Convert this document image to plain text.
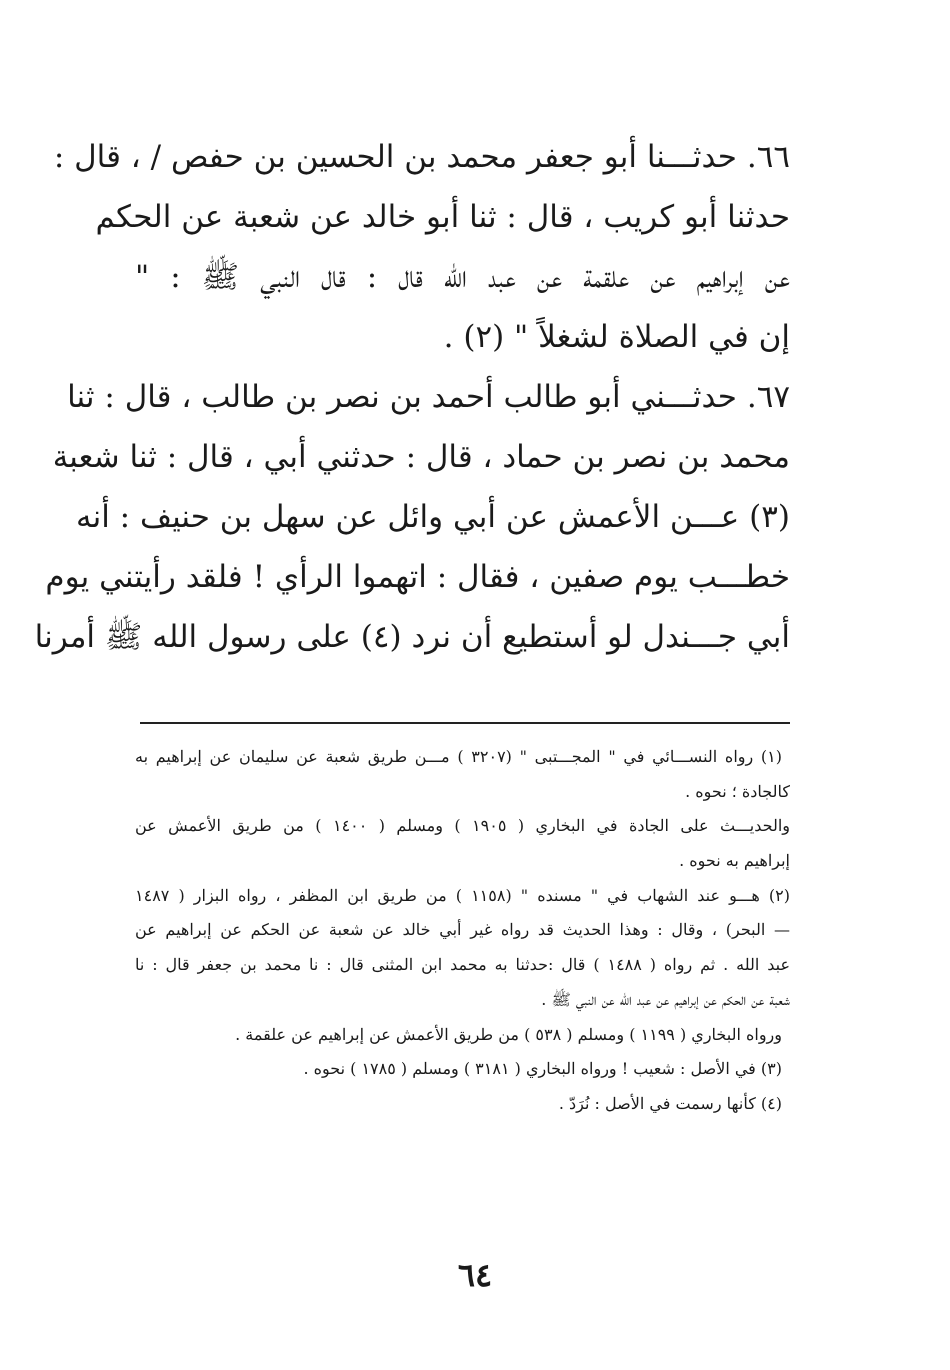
٦٦. حدثـــنا أبو جعفر محمد بن الحسين بن حفص / ، قال :
حدثنا أبو كريب ، قال : ثنا أبو خالد عن شعبة عن الحكم
عن إبراهيم عن علقمة عن عبد الله قال : قال النبي ﷺ : "
إن في الصلاة لشغلاً " (٢) .
٦٧. حدثـــني أبو طالب أحمد بن نصر بن طالب ، قال : ثنا
محمد بن نصر بن حماد ، قال : حدثني أبي ، قال : ثنا شعبة
(٣) عـــن الأعمش عن أبي وائل عن سهل بن حنيف : أنه
خطـــب يوم صفين ، فقال : اتهموا الرأي ! فلقد رأيتني يوم
أبي جـــندل لو أستطيع أن نرد (٤) على رسول الله ﷺ أمرنا
(١) رواه النســـائي في " المجـــتبى " (٣٢٠٧ ) مـــن طريق شعبة عن سليمان عن إبراهيم به
كالجادة ؛ نحوه .
والحديـــث على الجادة في البخاري ( ١٩٠٥ ) ومسلم ( ١٤٠٠ ) من طريق الأعمش عن
إبراهيم به نحوه .
(٢) هـــو عند الشهاب في " مسنده " (١١٥٨ ) من طريق ابن المظفر ، رواه البزار ( ١٤٨٧
— البحر) ، وقال : وهذا الحديث قد رواه غير أبي خالد عن شعبة عن الحكم عن إبراهيم عن
عبد الله . ثم رواه ( ١٤٨٨ ) قال :حدثنا به محمد ابن المثنى قال : نا محمد بن جعفر قال : نا
شعبة عن الحكم عن إبراهيم عن عبد الله عن النبي ﷺ .
ورواه البخاري ( ١١٩٩ ) ومسلم ( ٥٣٨ ) من طريق الأعمش عن إبراهيم عن علقمة .
(٣) في الأصل : شعيب ! ورواه البخاري ( ٣١٨١ ) ومسلم ( ١٧٨٥ ) نحوه .
(٤) كأنها رسمت في الأصل : نُرَدّ .
٦٤
